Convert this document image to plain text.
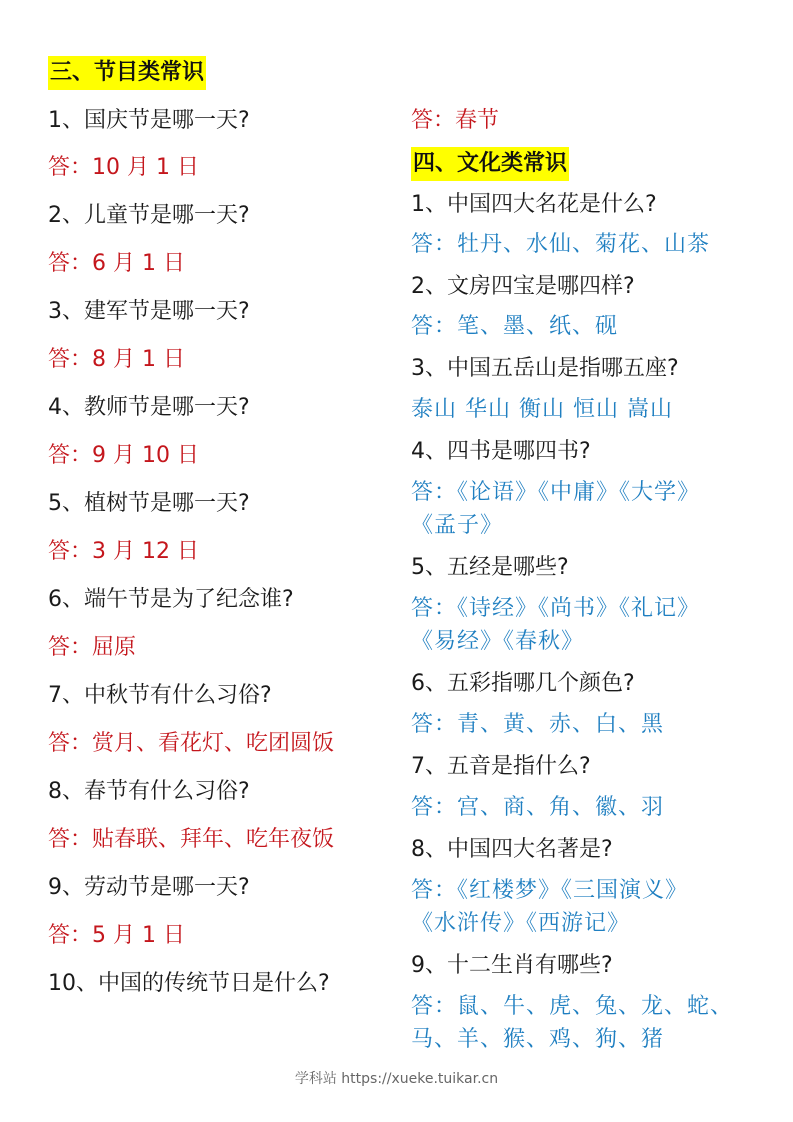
三、节目类常识
1、国庆节是哪一天?
答：10 月 1 日
2、儿童节是哪一天?
答：6 月 1 日
3、建军节是哪一天?
答：8 月 1 日
4、教师节是哪一天?
答：9 月 10 日
5、植树节是哪一天?
答：3 月 12 日
6、端午节是为了纪念谁?
答：屈原
7、中秋节有什么习俗?
答：赏月、看花灯、吃团圆饭
8、春节有什么习俗?
答：贴春联、拜年、吃年夜饭
9、劳动节是哪一天?
答：5 月 1 日
10、中国的传统节日是什么?
答：春节
四、文化类常识
1、中国四大名花是什么?
答：牡丹、水仙、菊花、山茶
2、文房四宝是哪四样?
答：笔、墨、纸、砚
3、中国五岳山是指哪五座?
泰山 华山 衡山 恒山 嵩山
4、四书是哪四书?
答：《论语》《中庸》《大学》
《孟子》
5、五经是哪些?
答：《诗经》《尚书》《礼记》
《易经》《春秋》
6、五彩指哪几个颜色?
答：青、黄、赤、白、黑
7、五音是指什么?
答：宫、商、角、徽、羽
8、中国四大名著是?
答：《红楼梦》《三国演义》
《水浒传》《西游记》
9、十二生肖有哪些?
答：鼠、牛、虎、兔、龙、蛇、
马、羊、猴、鸡、狗、猪
学科站 https://xueke.tuikar.cn
